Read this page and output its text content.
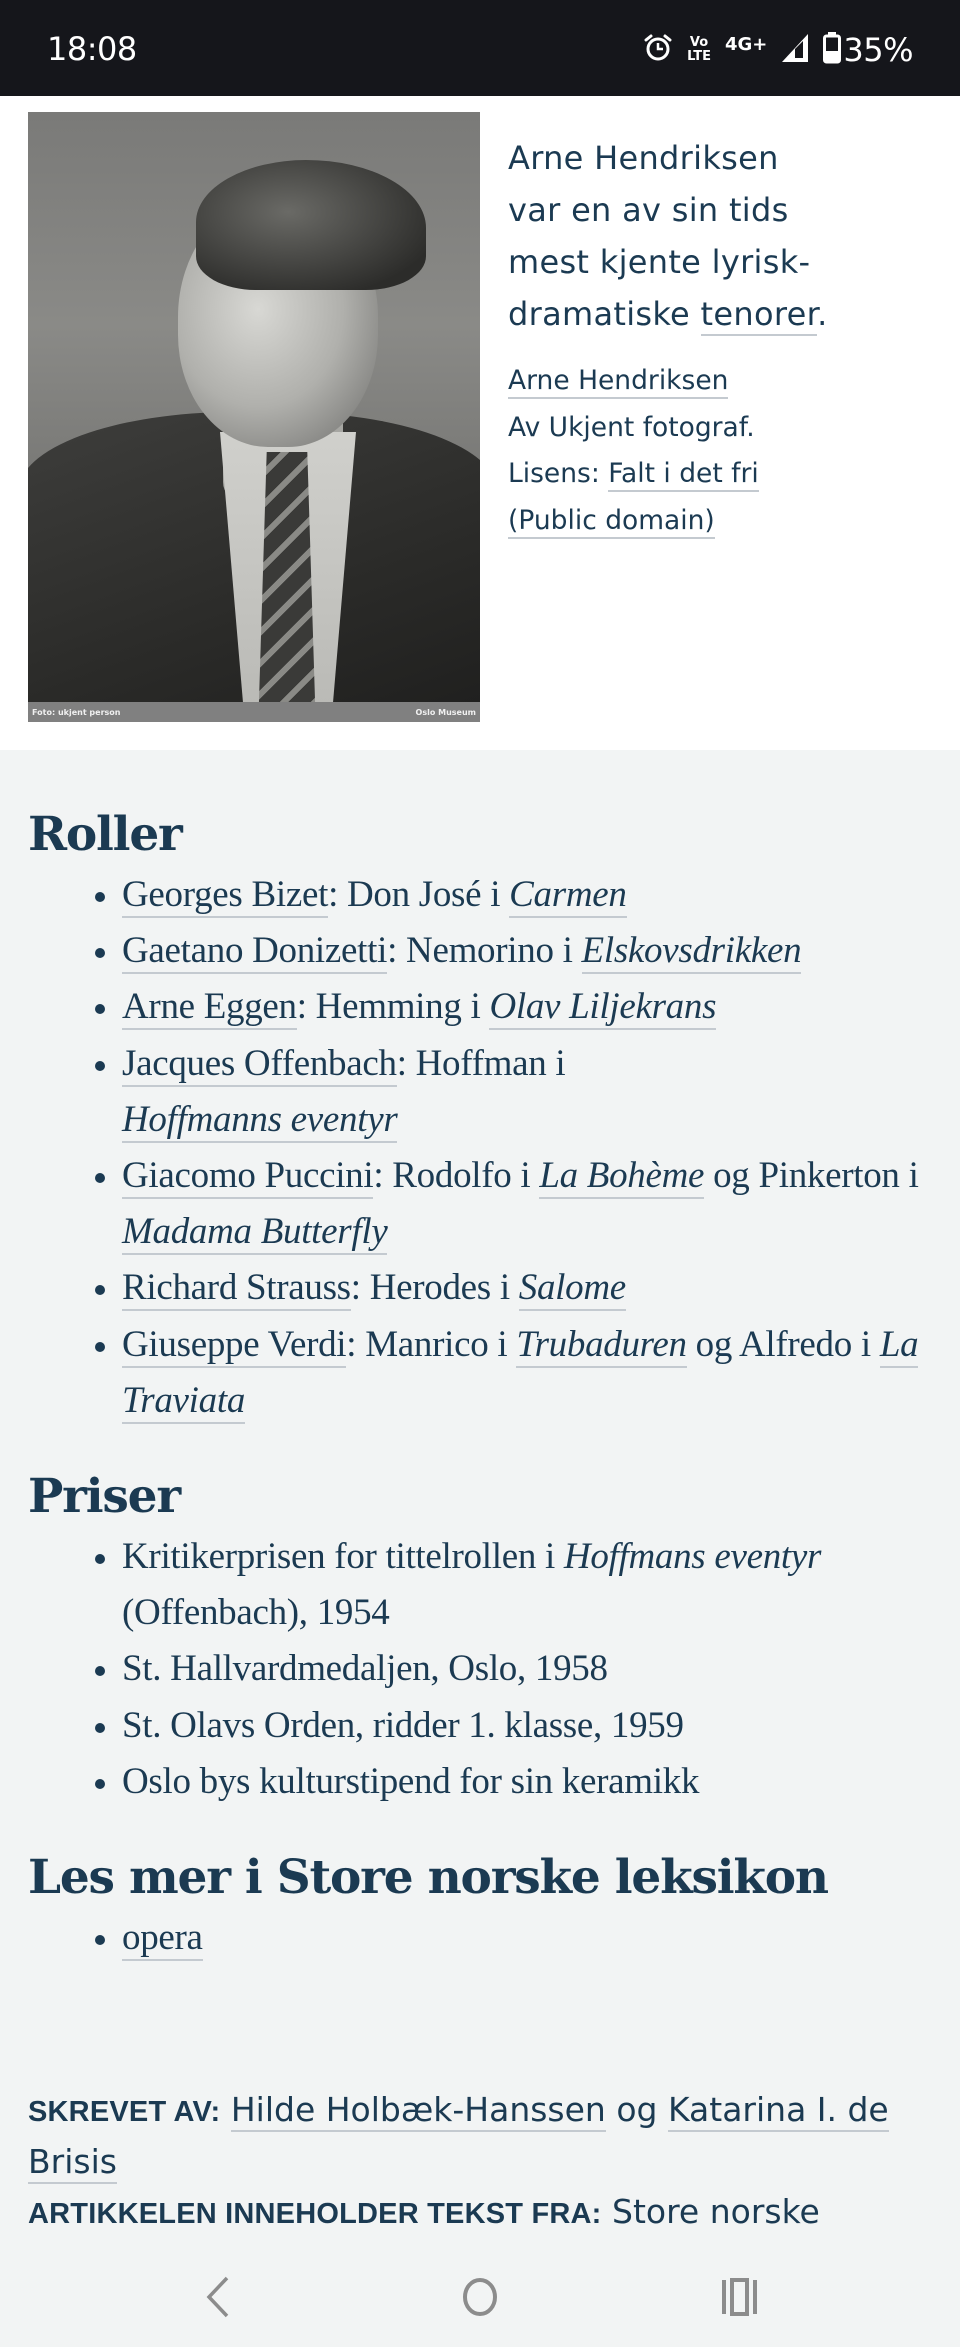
18:08	Vo
LTE
4G+ 35%
Foto: ukjent person	Oslo Museum
Arne Hendriksen
var en av sin tids
mest kjente lyrisk-
dramatiske tenorer.
Arne Hendriksen
Av Ukjent fotograf.
Lisens: Falt i det fri
(Public domain)
Roller
Georges Bizet: Don José i Carmen
Gaetano Donizetti: Nemorino i Elskovsdrikken
Arne Eggen: Hemming i Olav Liljekrans
Jacques Offenbach: Hoffman i
Hoffmanns eventyr
Giacomo Puccini: Rodolfo i La Bohème og Pinkerton i Madama Butterfly
Richard Strauss: Herodes i Salome
Giuseppe Verdi: Manrico i Trubaduren og Alfredo i La Traviata
Priser
Kritikerprisen for tittelrollen i Hoffmans eventyr (Offenbach), 1954
St. Hallvardmedaljen, Oslo, 1958
St. Olavs Orden, ridder 1. klasse, 1959
Oslo bys kulturstipend for sin keramikk
Les mer i Store norske leksikon
opera
SKREVET AV: Hilde Holbæk-Hanssen og Katarina I. de Brisis
ARTIKKELEN INNEHOLDER TEKST FRA: Store norske
